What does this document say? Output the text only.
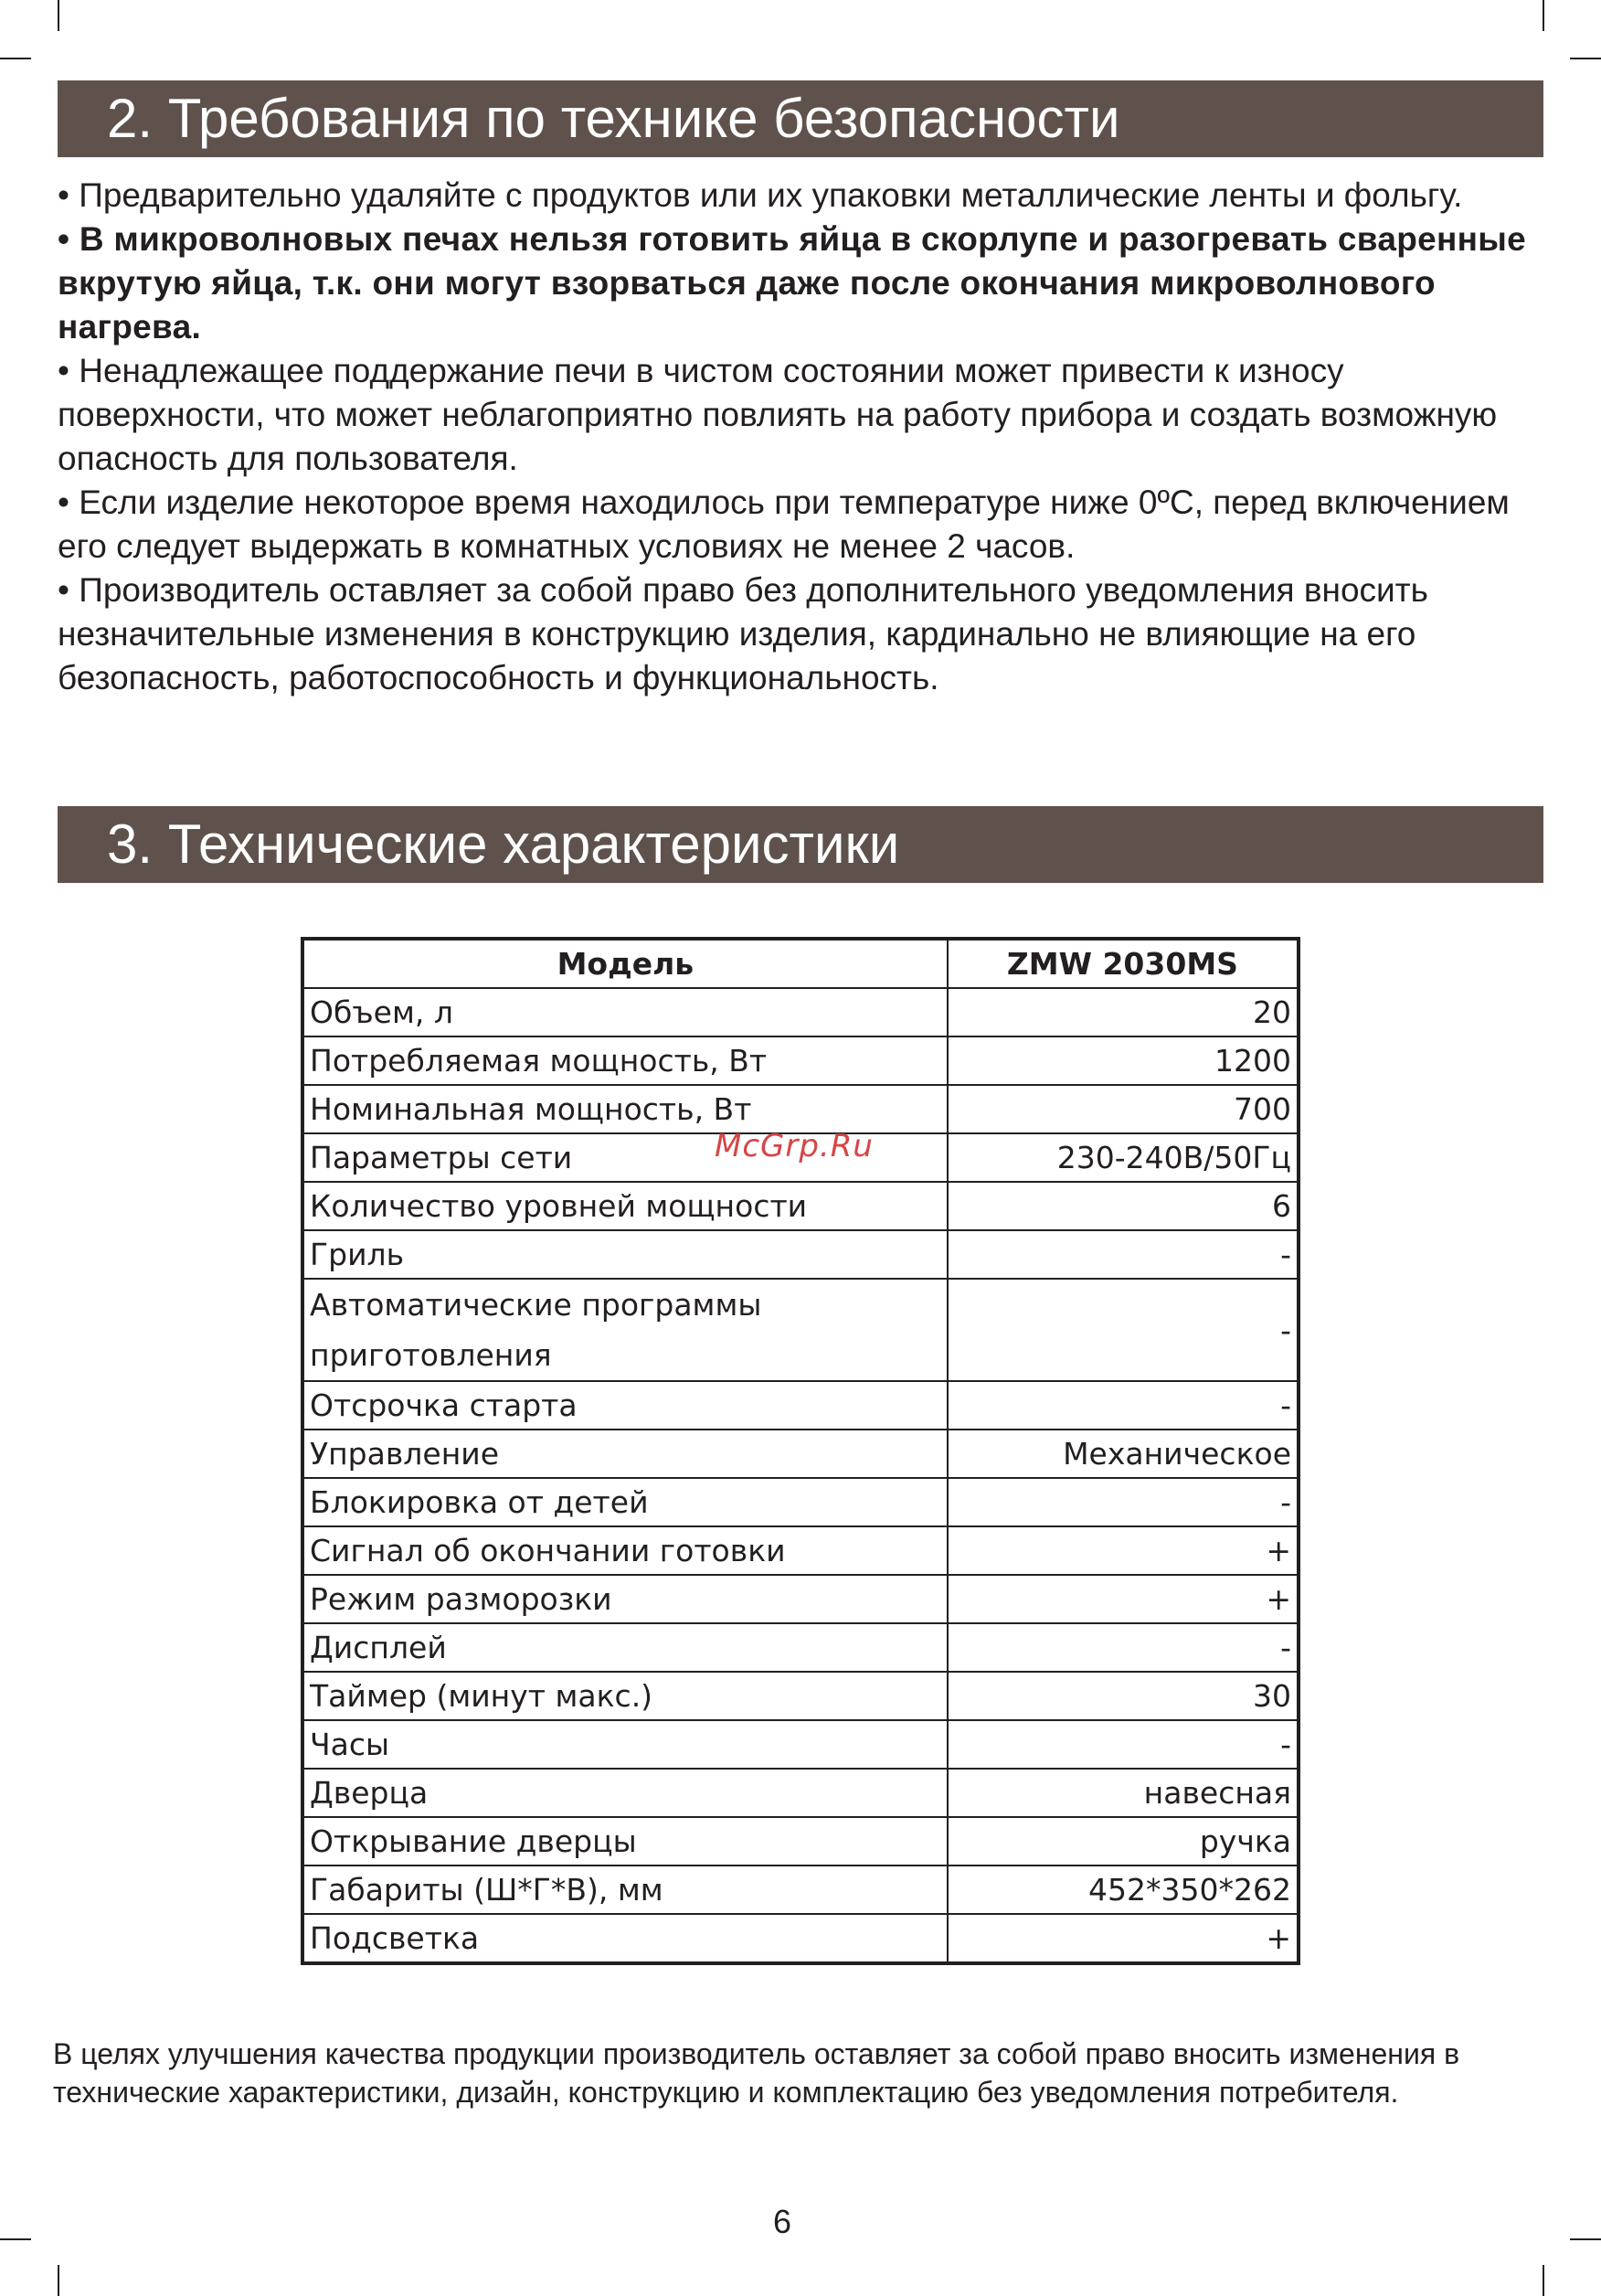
2. Требования по технике безопасности

• Предварительно удаляйте с продуктов или их упаковки металлические ленты и фольгу.

• В микроволновых печах нельзя готовить яйца в скорлупе и разогревать сваренные вкрутую яйца, т.к. они могут взорваться даже после окончания микроволнового нагрева.

• Ненадлежащее поддержание печи в чистом состоянии может привести к износу поверхности, что может неблагоприятно повлиять на работу прибора и создать возможную опасность для пользователя.

• Если изделие некоторое время находилось при температуре ниже 0ºС, перед включением его следует выдержать в комнатных условиях не менее 2 часов.

• Производитель оставляет за собой право без дополнительного уведомления вносить незначительные изменения в конструкцию изделия, кардинально не влияющие на его безопасность, работоспособность и функциональность.

3. Технические характеристики
Модель	ZMW 2030MS
Объем, л	20
Потребляемая мощность, Вт	1200
Номинальная мощность, Вт	700
Параметры сети	230-240В/50Гц
Количество уровней мощности	6
Гриль	-
Автоматические программы приготовления	-
Отсрочка старта	-
Управление	Механическое
Блокировка от детей	-
Сигнал об окончании готовки	+
Режим разморозки	+
Дисплей	-
Таймер (минут макс.)	30
Часы	-
Дверца	навесная
Открывание дверцы	ручка
Габариты (Ш*Г*В), мм	452*350*262
Подсветка	+
McGrp.Ru
В целях улучшения качества продукции производитель оставляет за собой право вносить изменения в технические характеристики, дизайн, конструкцию и комплектацию без уведомления потребителя.
6
